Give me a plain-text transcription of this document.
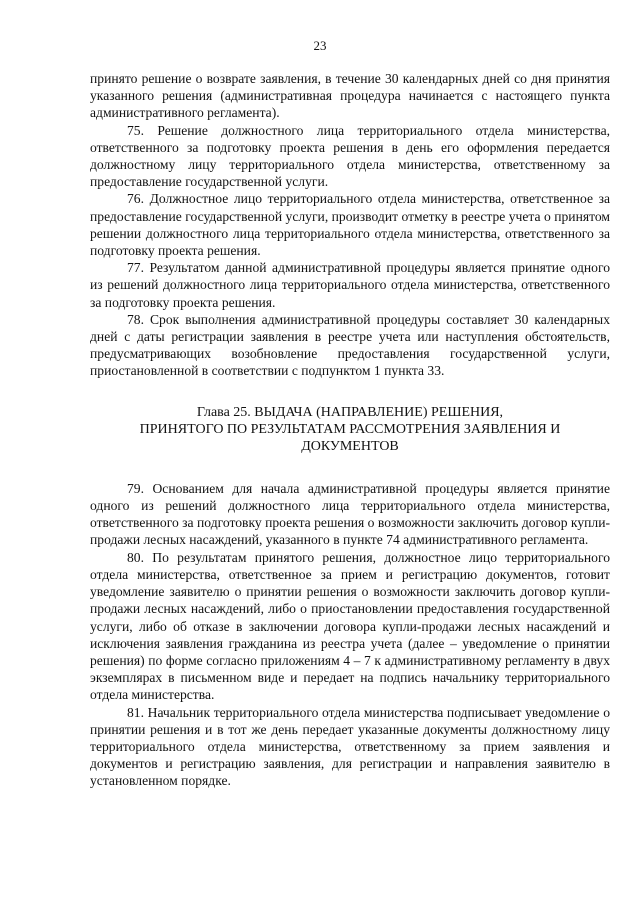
23

принято решение о возврате заявления, в течение 30 календарных дней со дня принятия указанного решения (административная процедура начинается с настоящего пункта административного регламента).

75. Решение должностного лица территориального отдела министерства, ответственного за подготовку проекта решения в день его оформления передается должностному лицу территориального отдела министерства, ответственному за предоставление государственной услуги.

76. Должностное лицо территориального отдела министерства, ответственное за предоставление государственной услуги, производит отметку в реестре учета о принятом решении должностного лица территориального отдела министерства, ответственного за подготовку проекта решения.

77. Результатом данной административной процедуры является принятие одного из решений должностного лица территориального отдела министерства, ответственного за подготовку проекта решения.

78. Срок выполнения административной процедуры составляет 30 календарных дней с даты регистрации заявления в реестре учета или наступления обстоятельств, предусматривающих возобновление предоставления государственной услуги, приостановленной в соответствии с подпунктом 1 пункта 33.

Глава 25. ВЫДАЧА (НАПРАВЛЕНИЕ) РЕШЕНИЯ,
ПРИНЯТОГО ПО РЕЗУЛЬТАТАМ РАССМОТРЕНИЯ ЗАЯВЛЕНИЯ И
ДОКУМЕНТОВ

79. Основанием для начала административной процедуры является принятие одного из решений должностного лица территориального отдела министерства, ответственного за подготовку проекта решения о возможности заключить договор купли-продажи лесных насаждений, указанного в пункте 74 административного регламента.

80. По результатам принятого решения, должностное лицо территориального отдела министерства, ответственное за прием и регистрацию документов, готовит уведомление заявителю о принятии решения о возможности заключить договор купли-продажи лесных насаждений, либо о приостановлении предоставления государственной услуги, либо об отказе в заключении договора купли-продажи лесных насаждений и исключения заявления гражданина из реестра учета (далее – уведомление о принятии решения) по форме согласно приложениям 4 – 7 к административному регламенту в двух экземплярах в письменном виде и передает на подпись начальнику территориального отдела министерства.

81. Начальник территориального отдела министерства подписывает уведомление о принятии решения и в тот же день передает указанные документы должностному лицу территориального отдела министерства, ответственному за прием заявления и документов и регистрацию заявления, для регистрации и направления заявителю в установленном порядке.
